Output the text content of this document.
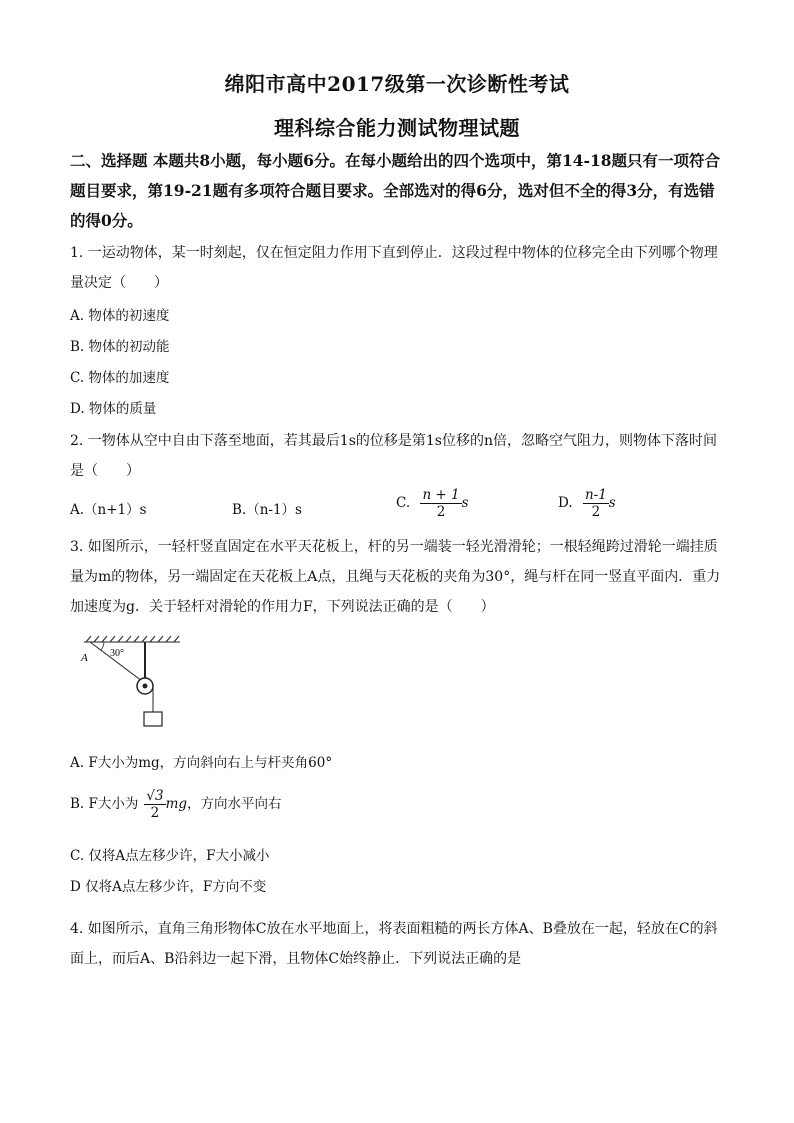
绵阳市高中2017级第一次诊断性考试
理科综合能力测试物理试题
二、选择题 本题共8小题，每小题6分。在每小题给出的四个选项中，第14-18题只有一项符合题目要求，第19-21题有多项符合题目要求。全部选对的得6分，选对但不全的得3分，有选错的得0分。
1. 一运动物体，某一时刻起，仅在恒定阻力作用下直到停止．这段过程中物体的位移完全由下列哪个物理量决定（　　）
A. 物体的初速度
B. 物体的初动能
C. 物体的加速度
D. 物体的质量
2. 一物体从空中自由下落至地面，若其最后1s的位移是第1s位移的n倍，忽略空气阻力，则物体下落时间是（　　）
A.（n+1）s	B.（n-1）s	C. $\frac{n + 1}{2}$ s	D. $\frac{n-1}{2}$ s
3. 如图所示，一轻杆竖直固定在水平天花板上，杆的另一端装一轻光滑滑轮；一根轻绳跨过滑轮一端挂质量为m的物体，另一端固定在天花板上A点，且绳与天花板的夹角为30°，绳与杆在同一竖直平面内．重力加速度为g．关于轻杆对滑轮的作用力F，下列说法正确的是（　　）
A 30°
A. F大小为mg，方向斜向右上与杆夹角60°
B. F大小为 $\frac{√3}{2}$ mg，方向水平向右
C. 仅将A点左移少许，F大小减小
D 仅将A点左移少许，F方向不变
4. 如图所示，直角三角形物体C放在水平地面上，将表面粗糙的两长方体A、B叠放在一起，轻放在C的斜面上，而后A、B沿斜边一起下滑，且物体C始终静止．下列说法正确的是
